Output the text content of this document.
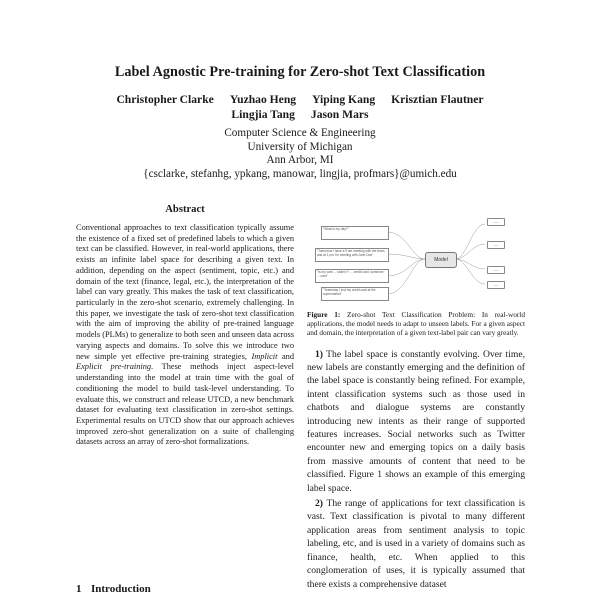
Label Agnostic Pre-training for Zero-shot Text Classification
Christopher Clarke Yuzhao Heng Yiping Kang Krisztian Flautner
Lingjia Tang Jason Mars
Computer Science & Engineering
University of Michigan
Ann Arbor, MI
{csclarke, stefanhg, ypkang, manowar, lingjia, profmars}@umich.edu
Abstract

Conventional approaches to text classification typically assume the existence of a fixed set of predefined labels to which a given text can be classified. However, in real-world applications, there exists an infinite label space for describing a given text. In addition, depending on the aspect (sentiment, topic, etc.) and domain of the text (finance, legal, etc.), the interpretation of the label can vary greatly. This makes the task of text classification, particularly in the zero-shot scenario, extremely challenging. In this paper, we investigate the task of zero-shot text classification with the aim of improving the ability of pre-trained language models (PLMs) to generalize to both seen and unseen data across varying aspects and domains. To solve this we introduce two new simple yet effective pre-training strategies, Implicit and Explicit pre-training. These methods inject aspect-level understanding into the model at train time with the goal of conditioning the model to build task-level understanding. To evaluate this, we construct and release UTCD, a new benchmark dataset for evaluating text classification in zero-shot settings. Experimental results on UTCD show that our approach achieves improved zero-shot generalization on a suite of challenging datasets across an array of zero-shot formalizations.

1 Introduction
"What is my day?"
"Tomorrow I have a 9 am meeting with the team, and at 1 pm I'm meeting with Jane Doe"
"Is my card ... stolen? I ... credit card, someone ... card"
"Yesterday I lost my credit card at the supermarket"
Model
—
—
—
—
Figure 1: Zero-shot Text Classification Problem: In real-world applications, the model needs to adapt to unseen labels. For a given aspect and domain, the interpretation of a given text-label pair can vary greatly.

1) The label space is constantly evolving. Over time, new labels are constantly emerging and the definition of the label space is constantly being refined. For example, intent classification systems such as those used in chatbots and dialogue systems are constantly introducing new intents as their range of supported features increases. Social networks such as Twitter encounter new and emerging topics on a daily basis from massive amounts of content that need to be classified. Figure 1 shows an example of this emerging label space.

2) The range of applications for text classification is vast. Text classification is pivotal to many different application areas from sentiment analysis to topic labeling, etc, and is used in a variety of domains such as finance, health, etc. When applied to this conglomeration of uses, it is typically assumed that there exists a comprehensive dataset
